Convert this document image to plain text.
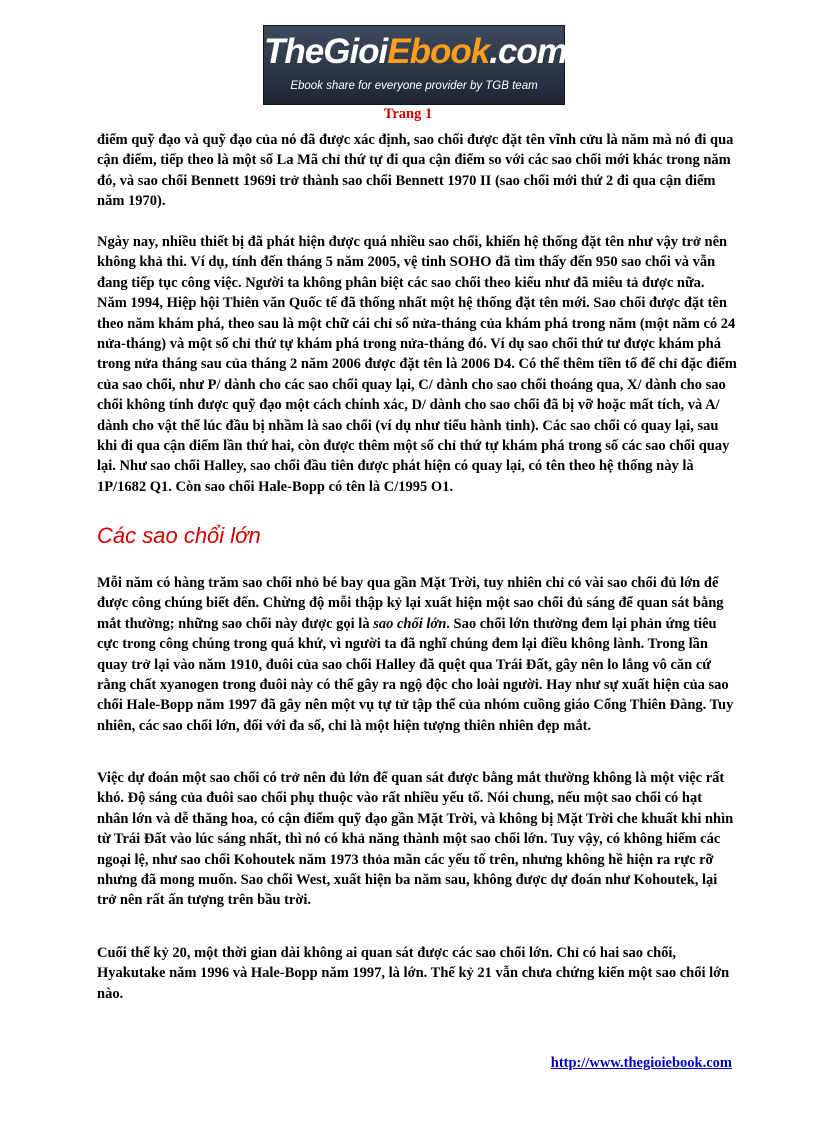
TheGioiEbook.com
Ebook share for everyone provider by TGB team
Trang 1

điểm quỹ đạo và quỹ đạo của nó đã được xác định, sao chổi được đặt tên vĩnh cửu là năm mà nó đi qua cận điểm, tiếp theo là một số La Mã chỉ thứ tự đi qua cận điểm so với các sao chổi mới khác trong năm đó, và sao chổi Bennett 1969i trở thành sao chổi Bennett 1970 II (sao chổi mới thứ 2 đi qua cận điểm năm 1970).

Ngày nay, nhiều thiết bị đã phát hiện được quá nhiều sao chổi, khiến hệ thống đặt tên như vậy trở nên không khả thi. Ví dụ, tính đến tháng 5 năm 2005, vệ tinh SOHO đã tìm thấy đến 950 sao chổi và vẫn đang tiếp tục công việc. Người ta không phân biệt các sao chổi theo kiểu như đã miêu tả được nữa. Năm 1994, Hiệp hội Thiên văn Quốc tế đã thống nhất một hệ thống đặt tên mới. Sao chổi được đặt tên theo năm khám phá, theo sau là một chữ cái chỉ số nửa-tháng của khám phá trong năm (một năm có 24 nửa-tháng) và một số chỉ thứ tự khám phá trong nửa-tháng đó. Ví dụ sao chổi thứ tư được khám phá trong nửa tháng sau của tháng 2 năm 2006 được đặt tên là 2006 D4. Có thể thêm tiền tố để chỉ đặc điểm của sao chổi, như P/ dành cho các sao chổi quay lại, C/ dành cho sao chổi thoáng qua, X/ dành cho sao chổi không tính được quỹ đạo một cách chính xác, D/ dành cho sao chổi đã bị vỡ hoặc mất tích, và A/ dành cho vật thể lúc đầu bị nhầm là sao chổi (ví dụ như tiểu hành tinh). Các sao chổi có quay lại, sau khi đi qua cận điểm lần thứ hai, còn được thêm một số chỉ thứ tự khám phá trong số các sao chổi quay lại. Như sao chổi Halley, sao chổi đầu tiên được phát hiện có quay lại, có tên theo hệ thống này là 1P/1682 Q1. Còn sao chổi Hale-Bopp có tên là C/1995 O1.

Các sao chổi lớn

Mỗi năm có hàng trăm sao chổi nhỏ bé bay qua gần Mặt Trời, tuy nhiên chỉ có vài sao chổi đủ lớn để được công chúng biết đến. Chừng độ mỗi thập kỷ lại xuất hiện một sao chổi đủ sáng để quan sát bằng mắt thường; những sao chổi này được gọi là sao chổi lớn. Sao chổi lớn thường đem lại phản ứng tiêu cực trong công chúng trong quá khứ, vì người ta đã nghĩ chúng đem lại điều không lành. Trong lần quay trở lại vào năm 1910, đuôi của sao chổi Halley đã quệt qua Trái Đất, gây nên lo lắng vô căn cứ rằng chất xyanogen trong đuôi này có thể gây ra ngộ độc cho loài người. Hay như sự xuất hiện của sao chổi Hale-Bopp năm 1997 đã gây nên một vụ tự tử tập thể của nhóm cuồng giáo Cổng Thiên Đàng. Tuy nhiên, các sao chổi lớn, đối với đa số, chỉ là một hiện tượng thiên nhiên đẹp mắt.

Việc dự đoán một sao chổi có trở nên đủ lớn để quan sát được bằng mắt thường không là một việc rất khó. Độ sáng của đuôi sao chổi phụ thuộc vào rất nhiều yếu tố. Nói chung, nếu một sao chổi có hạt nhân lớn và dễ thăng hoa, có cận điểm quỹ đạo gần Mặt Trời, và không bị Mặt Trời che khuất khi nhìn từ Trái Đất vào lúc sáng nhất, thì nó có khả năng thành một sao chổi lớn. Tuy vậy, có không hiếm các ngoại lệ, như sao chổi Kohoutek năm 1973 thỏa mãn các yếu tố trên, nhưng không hề hiện ra rực rỡ nhưng đã mong muốn. Sao chổi West, xuất hiện ba năm sau, không được dự đoán như Kohoutek, lại trở nên rất ấn tượng trên bầu trời.

Cuối thế kỷ 20, một thời gian dài không ai quan sát được các sao chổi lớn. Chỉ có hai sao chổi, Hyakutake năm 1996 và Hale-Bopp năm 1997, là lớn. Thế kỷ 21 vẫn chưa chứng kiến một sao chổi lớn nào.

http://www.thegioiebook.com
